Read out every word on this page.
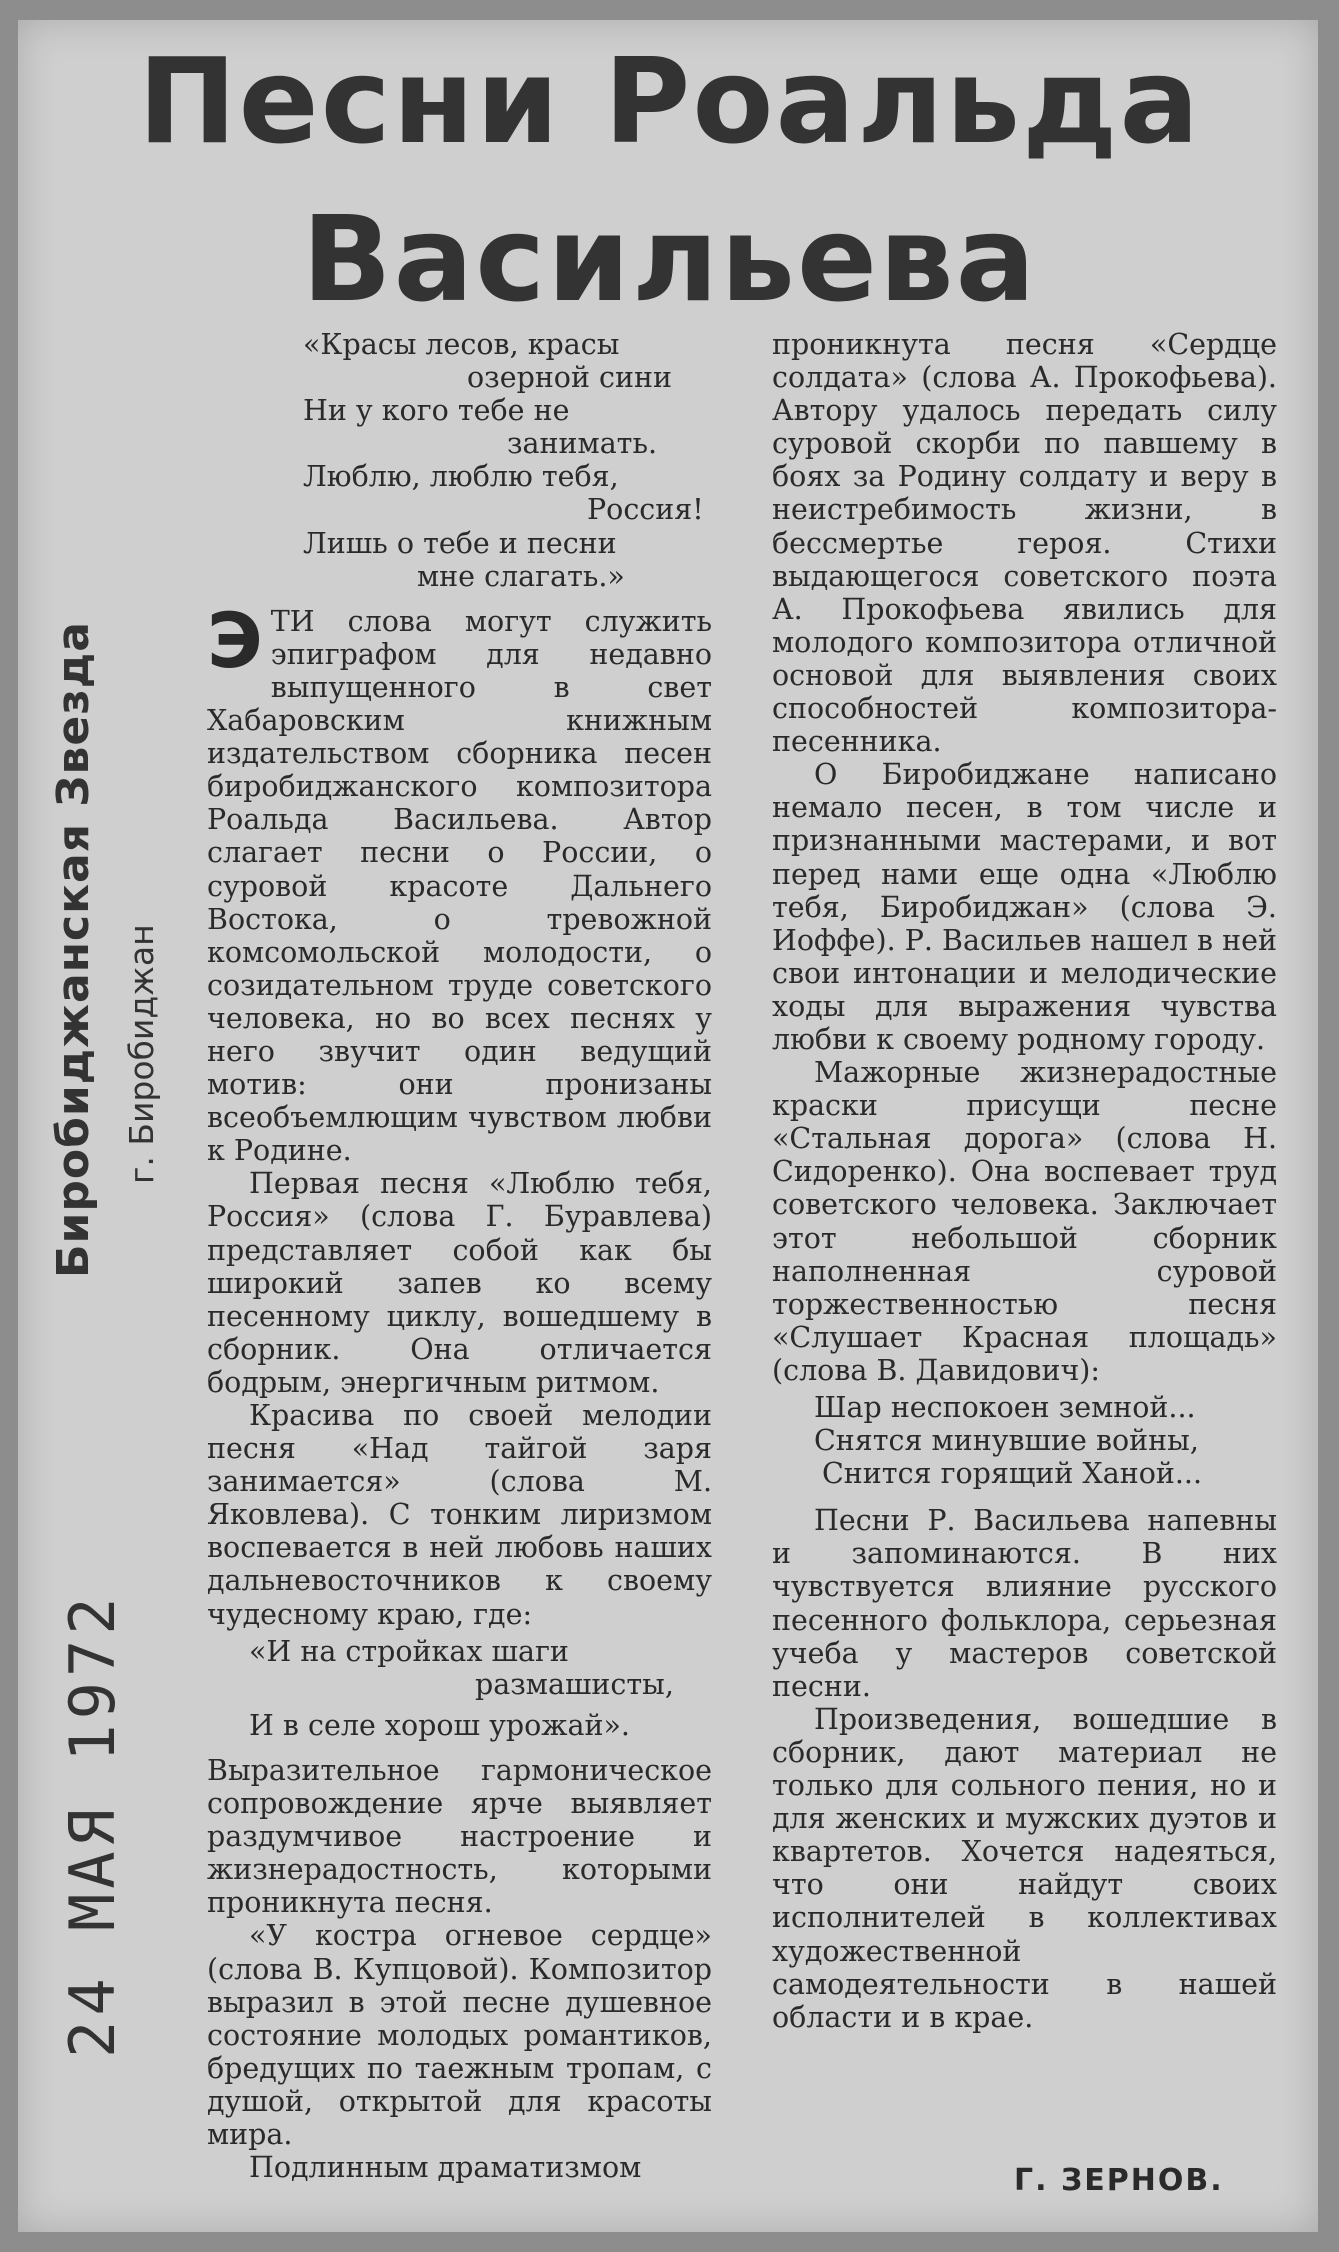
Песни Роальда
Васильева
Биробиджанская Звезда г. Биробиджан
24 МАЯ 1972
«Красы лесов, красы
озерной сини
Ни у кого тебе не
занимать.
Люблю, люблю тебя,
Россия!
Лишь о тебе и песни
мне слагать.»

ЭТИ слова могут служить эпиграфом для недавно выпущенного в свет Хабаровским книжным издательством сборника песен биробиджанского композитора Роальда Васильева. Автор слагает песни о России, о суровой красоте Дальнего Востока, о тревожной комсомольской молодости, о созидательном труде советского человека, но во всех песнях у него звучит один ведущий мотив: они пронизаны всеобъемлющим чувством любви к Родине.

Первая песня «Люблю тебя, Россия» (слова Г. Буравлева) представляет собой как бы широкий запев ко всему песенному циклу, вошедшему в сборник. Она отличается бодрым, энергичным ритмом.

Красива по своей мелодии песня «Над тайгой заря занимается» (слова М. Яковлева). С тонким лиризмом воспевается в ней любовь наших дальневосточников к своему чудесному краю, где:

«И на стройках шаги
размашисты,
И в селе хорош урожай».

Выразительное гармоническое сопровождение ярче выявляет раздумчивое настроение и жизнерадостность, которыми проникнута песня.

«У костра огневое сердце» (слова В. Купцовой). Композитор выразил в этой песне душевное состояние молодых романтиков, бредущих по таежным тропам, с душой, открытой для красоты мира.

Подлинным драматизмом

проникнута песня «Сердце солдата» (слова А. Прокофьева). Автору удалось передать силу суровой скорби по павшему в боях за Родину солдату и веру в неистребимость жизни, в бессмертье героя. Стихи выдающегося советского поэта А. Прокофьева явились для молодого композитора отличной основой для выявления своих способностей композитора-песенника.

О Биробиджане написано немало песен, в том числе и признанными мастерами, и вот перед нами еще одна «Люблю тебя, Биробиджан» (слова Э. Иоффе). Р. Васильев нашел в ней свои интонации и мелодические ходы для выражения чувства любви к своему родному городу.

Мажорные жизнерадостные краски присущи песне «Стальная дорога» (слова Н. Сидоренко). Она воспевает труд советского человека. Заключает этот небольшой сборник наполненная суровой торжественностью песня «Слушает Красная площадь» (слова В. Давидович):

Шар неспокоен земной...
Снятся минувшие войны,
Снится горящий Ханой...

Песни Р. Васильева напевны и запоминаются. В них чувствуется влияние русского песенного фольклора, серьезная учеба у мастеров советской песни.

Произведения, вошедшие в сборник, дают материал не только для сольного пения, но и для женских и мужских дуэтов и квартетов. Хочется надеяться, что они найдут своих исполнителей в коллективах художественной самодеятельности в нашей области и в крае.

Г. ЗЕРНОВ.
